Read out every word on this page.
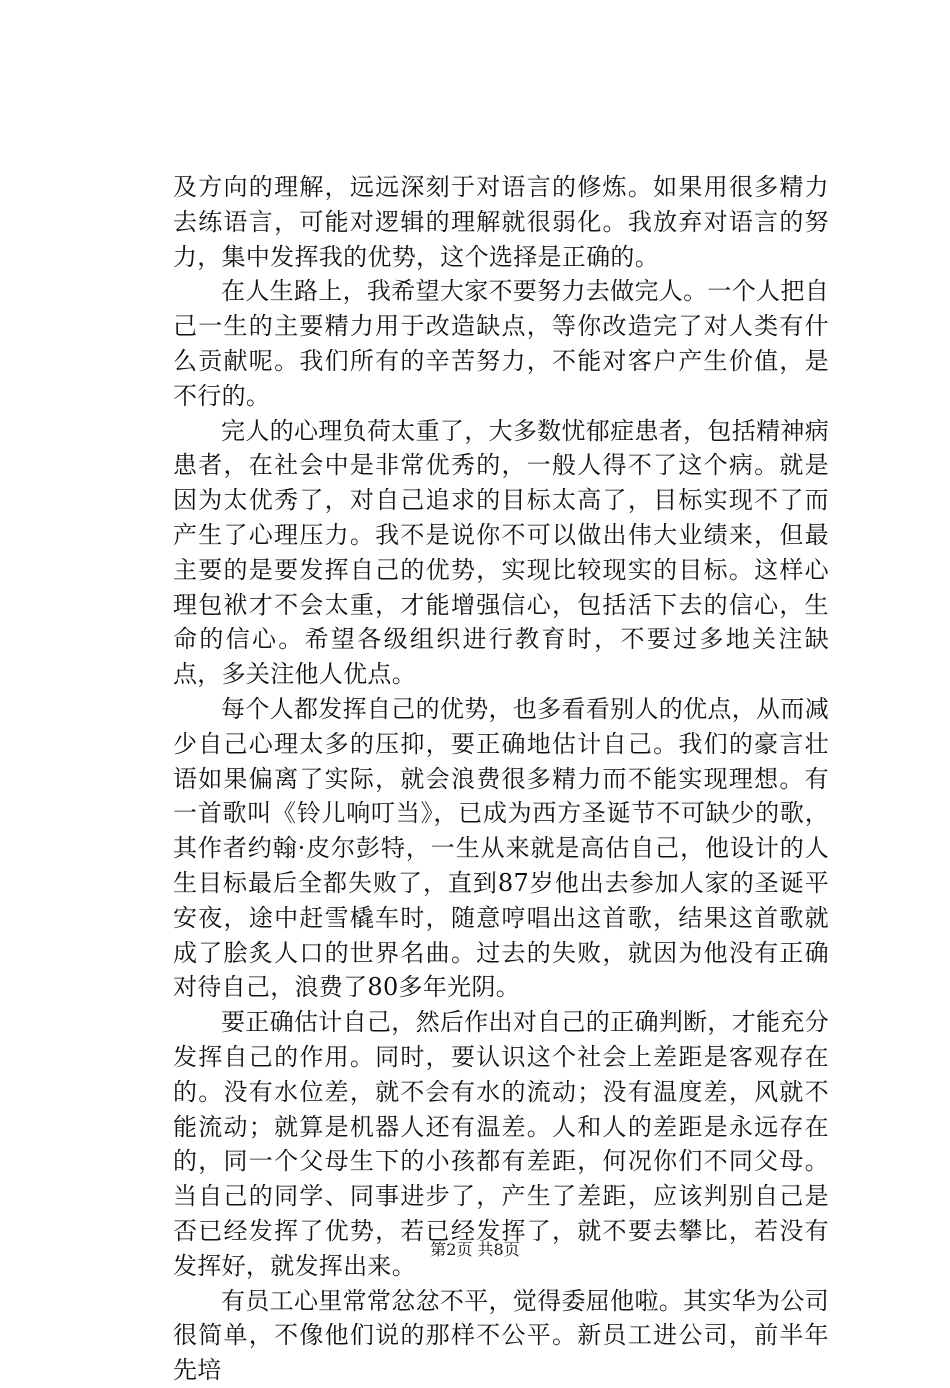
及方向的理解，远远深刻于对语言的修炼。如果用很多精力去练语言，可能对逻辑的理解就很弱化。我放弃对语言的努力，集中发挥我的优势，这个选择是正确的。

在人生路上，我希望大家不要努力去做完人。一个人把自己一生的主要精力用于改造缺点，等你改造完了对人类有什么贡献呢。我们所有的辛苦努力，不能对客户产生价值，是不行的。

完人的心理负荷太重了，大多数忧郁症患者，包括精神病患者，在社会中是非常优秀的，一般人得不了这个病。就是因为太优秀了，对自己追求的目标太高了，目标实现不了而产生了心理压力。我不是说你不可以做出伟大业绩来，但最主要的是要发挥自己的优势，实现比较现实的目标。这样心理包袱才不会太重，才能增强信心，包括活下去的信心，生命的信心。希望各级组织进行教育时，不要过多地关注缺点，多关注他人优点。

每个人都发挥自己的优势，也多看看别人的优点，从而减少自己心理太多的压抑，要正确地估计自己。我们的豪言壮语如果偏离了实际，就会浪费很多精力而不能实现理想。有一首歌叫《铃儿响叮当》，已成为西方圣诞节不可缺少的歌，其作者约翰·皮尔彭特，一生从来就是高估自己，他设计的人生目标最后全都失败了，直到87岁他出去参加人家的圣诞平安夜，途中赶雪橇车时，随意哼唱出这首歌，结果这首歌就成了脍炙人口的世界名曲。过去的失败，就因为他没有正确对待自己，浪费了80多年光阴。

要正确估计自己，然后作出对自己的正确判断，才能充分发挥自己的作用。同时，要认识这个社会上差距是客观存在的。没有水位差，就不会有水的流动；没有温度差，风就不能流动；就算是机器人还有温差。人和人的差距是永远存在的，同一个父母生下的小孩都有差距，何况你们不同父母。当自己的同学、同事进步了，产生了差距，应该判别自己是否已经发挥了优势，若已经发挥了，就不要去攀比，若没有发挥好，就发挥出来。

有员工心里常常忿忿不平，觉得委屈他啦。其实华为公司很简单，不像他们说的那样不公平。新员工进公司，前半年先培

第2页 共8页
